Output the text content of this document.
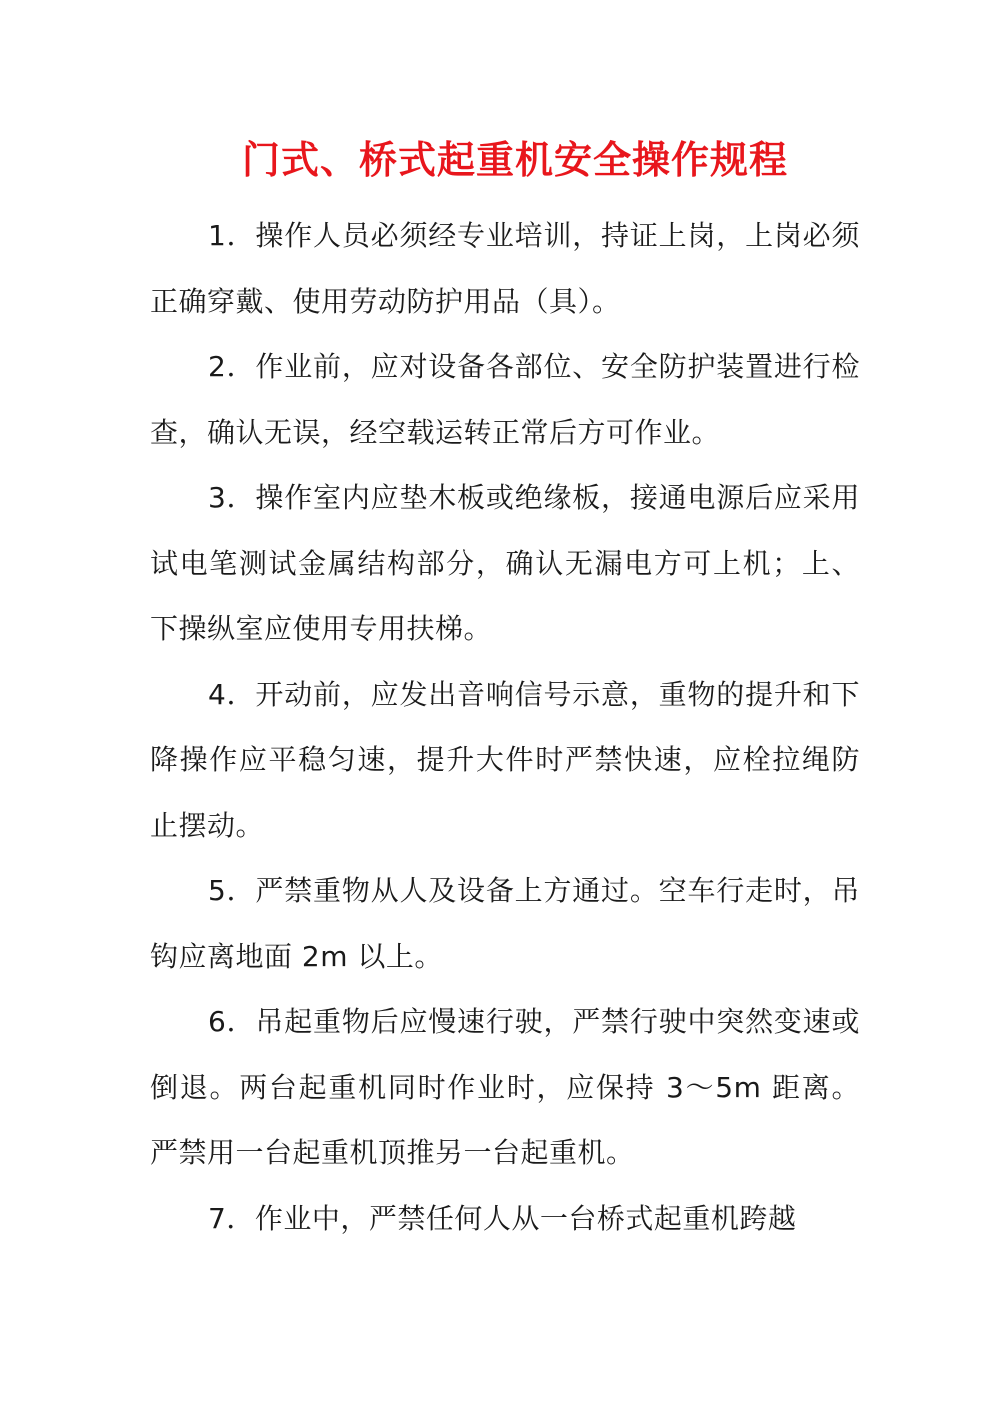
门式、桥式起重机安全操作规程

1．操作人员必须经专业培训，持证上岗，上岗必须正确穿戴、使用劳动防护用品（具）。

2．作业前，应对设备各部位、安全防护装置进行检查，确认无误，经空载运转正常后方可作业。

3．操作室内应垫木板或绝缘板，接通电源后应采用试电笔测试金属结构部分，确认无漏电方可上机；上、下操纵室应使用专用扶梯。

4．开动前，应发出音响信号示意，重物的提升和下降操作应平稳匀速，提升大件时严禁快速，应栓拉绳防止摆动。

5．严禁重物从人及设备上方通过。空车行走时，吊钩应离地面 2m 以上。

6．吊起重物后应慢速行驶，严禁行驶中突然变速或倒退。两台起重机同时作业时，应保持 3～5m 距离。严禁用一台起重机顶推另一台起重机。

7．作业中，严禁任何人从一台桥式起重机跨越
